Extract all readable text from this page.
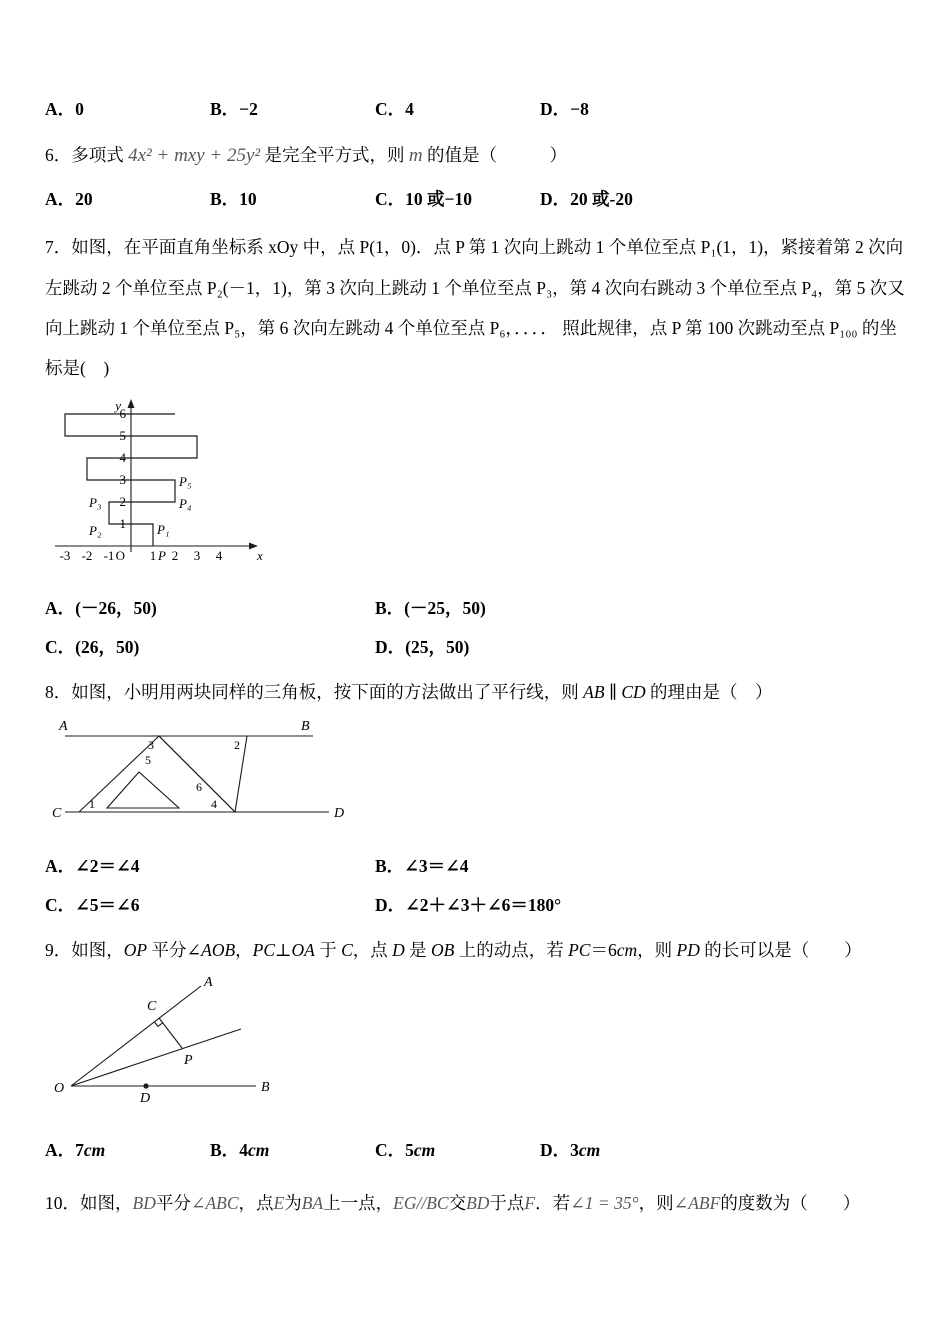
A．0	B．−2	C．4	D．−8
6．多项式 4x² + mxy + 25y² 是完全平方式，则 m 的值是（　　　）
A．20	B．10	C．10 或−10	D．20 或-20
7．如图，在平面直角坐标系 xOy 中，点 P(1，0)．点 P 第 1 次向上跳动 1 个单位至点 P₁(1，1)，紧接着第 2 次向左跳动 2 个单位至点 P₂(－1，1)，第 3 次向上跳动 1 个单位至点 P₃，第 4 次向右跳动 3 个单位至点 P₄，第 5 次又向上跳动 1 个单位至点 P₅，第 6 次向左跳动 4 个单位至点 P₆，．．．． 照此规律，点 P 第 100 次跳动至点 P₁₀₀ 的坐标是(　)
y
x
O
1
2
3
4
5
6
-3 -2 -1	1 2 3 4
P
P₁
P₂
P₃	P₄
P₅
A．(－26，50)	B．(－25，50)
C．(26，50)	D．(25，50)
8．如图，小明用两块同样的三角板，按下面的方法做出了平行线，则 AB ∥ CD 的理由是（　）
A	B
C	D
1
2
3
4
5
6
A．∠2＝∠4	B．∠3＝∠4
C．∠5＝∠6	D．∠2＋∠3＋∠6＝180°
9．如图，OP 平分∠AOB，PC⊥OA 于 C，点 D 是 OB 上的动点，若 PC＝6cm，则 PD 的长可以是（　　）
A
B
C
D
O
P
A．7cm	B．4cm	C．5cm	D．3cm
10．如图，BD平分∠ABC，点E为BA上一点，EG//BC交BD于点F．若∠1 = 35°，则∠ABF的度数为（　　）
